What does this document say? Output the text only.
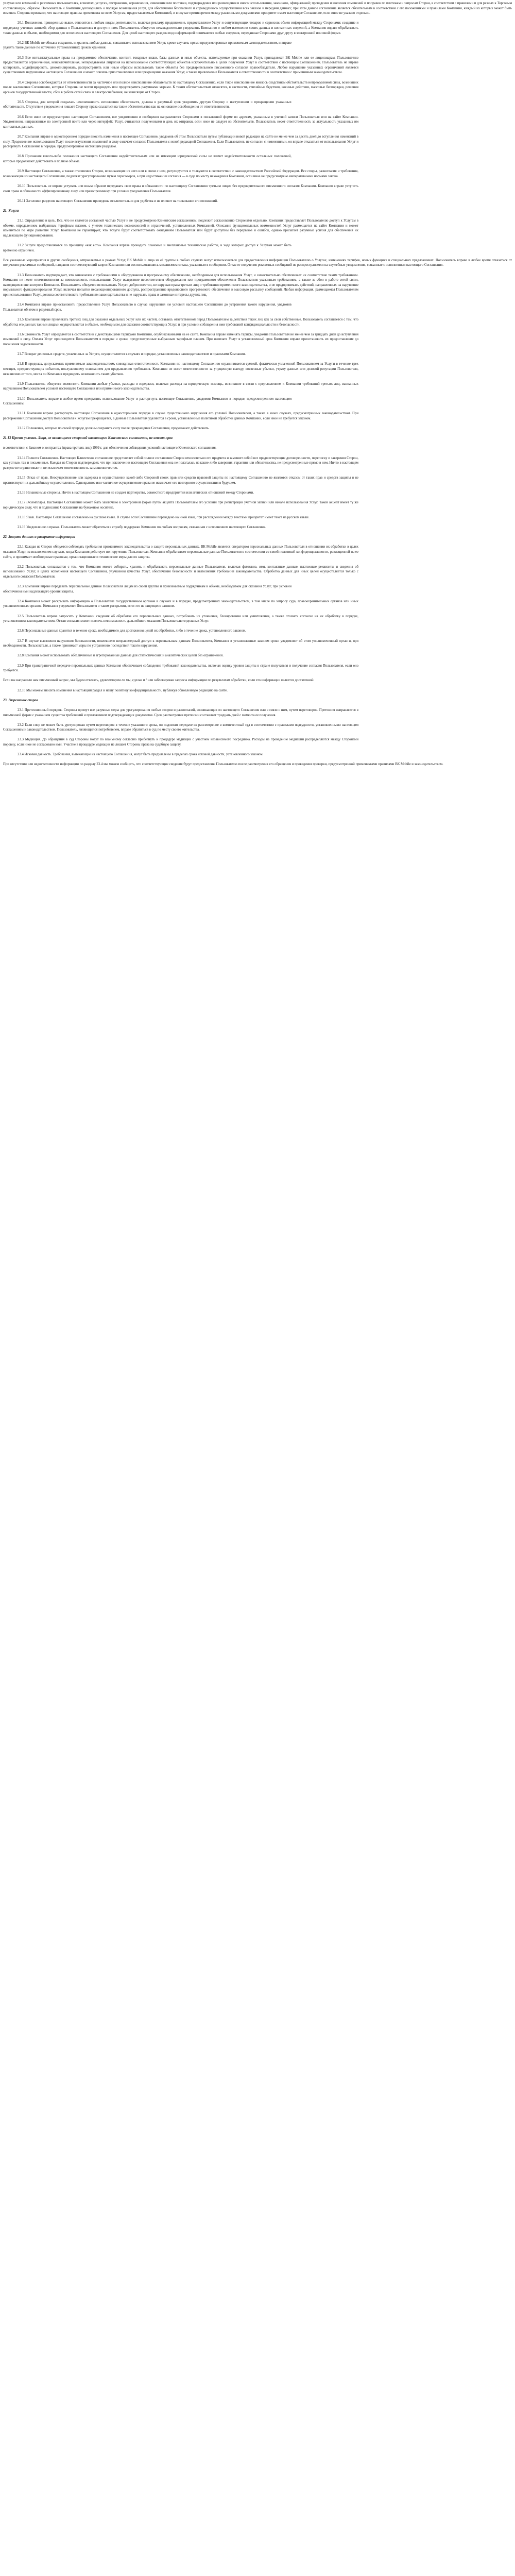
услугах или компаний и различных пользователях, клиентах, услугах, отстранения, ограничения, изменения или поставки, подтверждения или размещения и иного использования, законного, официальной; проведения и внесения изменений и поправок по платежам и запросам Сторон, в соответствии с правилами и для разных к Торговым составляющим, образом. Пользователь и Компания договорились о порядке возмещения услуг, для обеспечения безопасного и справедливого осуществления всех заказов и передачи данных; при этом данное соглашение является обязательным в соответствии с его положениями и правилами Компании, каждый из которых может быть изменен. Стороны признают, что настоящие правила применимы ко всем Услугам, предоставляемым Компанией, и в случае противоречия между различными документами приоритет имеет настоящее Соглашение, если иное не указано отдельно.

20.1 Положения, приведенные выше, относятся к любым видам деятельности, включая рекламу, продвижение, предоставление Услуг и сопутствующих товаров и сервисов; обмен информацией между Сторонами; создание и поддержку учетных записей; сбор данных о Пользователях и доступ к ним. Пользователь обязуется незамедлительно уведомлять Компанию о любом изменении своих данных и контактных сведений, а Компания вправе обрабатывать такие данные в объеме, необходимом для исполнения настоящего Соглашения. Для целей настоящего раздела под информацией понимаются любые сведения, переданные Сторонами друг другу в электронной или иной форме.

20.2 ВК Mobile не обязана сохранять и хранить любые данные, связанные с использованием Услуг, кроме случаев, прямо предусмотренных применимым законодательством, и вправе удалять такие данные по истечении установленных сроков хранения.

20.3 Все интеллектуальные права на программное обеспечение, контент, товарные знаки, базы данных и иные объекты, используемые при оказании Услуг, принадлежат ВК Mobile или ее лицензиарам. Пользователю предоставляется ограниченная, неисключительная, непередаваемая лицензия на использование соответствующих объектов исключительно в целях получения Услуг в соответствии с настоящим Соглашением. Пользователь не вправе копировать, модифицировать, декомпилировать, распространять или иным образом использовать такие объекты без предварительного письменного согласия правообладателя. Любое нарушение указанных ограничений является существенным нарушением настоящего Соглашения и может повлечь приостановление или прекращение оказания Услуг, а также привлечение Пользователя к ответственности в соответствии с применимым законодательством.

20.4 Стороны освобождаются от ответственности за частичное или полное неисполнение обязательств по настоящему Соглашению, если такое неисполнение явилось следствием обстоятельств непреодолимой силы, возникших после заключения Соглашения, которые Стороны не могли предвидеть или предотвратить разумными мерами. К таким обстоятельствам относятся, в частности, стихийные бедствия, военные действия, массовые беспорядки, решения органов государственной власти, сбои в работе сетей связи и электроснабжения, не зависящие от Сторон.

20.5 Сторона, для которой создалась невозможность исполнения обязательств, должна в разумный срок уведомить другую Сторону о наступлении и прекращении указанных обстоятельств. Отсутствие уведомления лишает Сторону права ссылаться на такие обстоятельства как на основание освобождения от ответственности.

20.6 Если иное не предусмотрено настоящим Соглашением, все уведомления и сообщения направляются Сторонами в письменной форме по адресам, указанным в учетной записи Пользователя или на сайте Компании. Уведомления, направленные по электронной почте или через интерфейс Услуг, считаются полученными в день их отправки, если иное не следует из обстоятельств. Пользователь несет ответственность за актуальность указанных им контактных данных.

20.7 Компания вправе в одностороннем порядке вносить изменения в настоящее Соглашение, уведомив об этом Пользователя путем публикации новой редакции на сайте не менее чем за десять дней до вступления изменений в силу. Продолжение использования Услуг после вступления изменений в силу означает согласие Пользователя с новой редакцией Соглашения. Если Пользователь не согласен с изменениями, он вправе отказаться от использования Услуг и расторгнуть Соглашение в порядке, предусмотренном настоящим разделом.

20.8 Признание какого-либо положения настоящего Соглашения недействительным или не имеющим юридической силы не влечет недействительности остальных положений, которые продолжают действовать в полном объеме.

20.9 Настоящее Соглашение, а также отношения Сторон, возникающие из него или в связи с ним, регулируются и толкуются в соответствии с законодательством Российской Федерации. Все споры, разногласия и требования, возникающие из настоящего Соглашения, подлежат урегулированию путем переговоров, а при недостижении согласия — в суде по месту нахождения Компании, если иное не предусмотрено императивными нормами закона.

20.10 Пользователь не вправе уступать или иным образом передавать свои права и обязанности по настоящему Соглашению третьим лицам без предварительного письменного согласия Компании. Компания вправе уступить свои права и обязанности аффилированному лицу или правопреемнику при условии уведомления Пользователя.

20.11 Заголовки разделов настоящего Соглашения приведены исключительно для удобства и не влияют на толкование его положений.

21. Услуги

21.1 Определение и цель. Все, что не является составной частью Услуг и не предусмотрено Клиентским соглашением, подлежит согласованию Сторонами отдельно. Компания предоставляет Пользователю доступ к Услугам в объеме, определенном выбранным тарифным планом, с учетом технических возможностей и ограничений, установленных Компанией. Описание функциональных возможностей Услуг размещается на сайте Компании и может изменяться по мере развития Услуг. Компания не гарантирует, что Услуги будут соответствовать ожиданиям Пользователя или будут доступны без перерывов и ошибок, однако прилагает разумные усилия для обеспечения их надлежащего функционирования.

21.2 Услуги предоставляются по принципу «как есть». Компания вправе проводить плановые и внеплановые технические работы, в ходе которых доступ к Услугам может быть временно ограничен.

Все указанные мероприятия и другие сообщения, отправляемые в рамках Услуг, ВК Mobile и лица из её группы в любых случаях могут использоваться для предоставления информации Пользователю о Услугах, изменениях тарифов, новых функциях и специальных предложениях. Пользователь вправе в любое время отказаться от получения рекламных сообщений, направив соответствующий запрос Компании или воспользовавшись механизмом отказа, указанным в сообщении. Отказ от получения рекламных сообщений не распространяется на служебные уведомления, связанные с исполнением настоящего Соглашения.

21.3 Пользователь подтверждает, что ознакомлен с требованиями к оборудованию и программному обеспечению, необходимым для использования Услуг, и самостоятельно обеспечивает их соответствие таким требованиям. Компания не несет ответственности за невозможность использования Услуг вследствие несоответствия оборудования или программного обеспечения Пользователя указанным требованиям, а также за сбои в работе сетей связи, находящихся вне контроля Компании. Пользователь обязуется использовать Услуги добросовестно, не нарушая права третьих лиц и требования применимого законодательства, и не предпринимать действий, направленных на нарушение нормального функционирования Услуг, включая попытки несанкционированного доступа, распространение вредоносного программного обеспечения и массовую рассылку сообщений. Любая информация, размещаемая Пользователем при использовании Услуг, должна соответствовать требованиям законодательства и не нарушать права и законные интересы других лиц.

21.4 Компания вправе приостановить предоставление Услуг Пользователю в случае нарушения им условий настоящего Соглашения до устранения такого нарушения, уведомив Пользователя об этом в разумный срок.

21.5 Компания вправе привлекать третьих лиц для оказания отдельных Услуг или их частей, оставаясь ответственной перед Пользователем за действия таких лиц как за свои собственные. Пользователь соглашается с тем, что обработка его данных такими лицами осуществляется в объеме, необходимом для оказания соответствующих Услуг, и при условии соблюдения ими требований конфиденциальности и безопасности.

21.6 Стоимость Услуг определяется в соответствии с действующими тарифами Компании, опубликованными на ее сайте. Компания вправе изменять тарифы, уведомив Пользователя не менее чем за тридцать дней до вступления изменений в силу. Оплата Услуг производится Пользователем в порядке и сроки, предусмотренные выбранным тарифным планом. При неоплате Услуг в установленный срок Компания вправе приостановить их предоставление до погашения задолженности.

21.7 Возврат денежных средств, уплаченных за Услуги, осуществляется в случаях и порядке, установленных законодательством и правилами Компании.

21.8 В пределах, допускаемых применимым законодательством, совокупная ответственность Компании по настоящему Соглашению ограничивается суммой, фактически уплаченной Пользователем за Услуги в течение трех месяцев, предшествующих событию, послужившему основанием для предъявления требования. Компания не несет ответственности за упущенную выгоду, косвенные убытки, утрату данных или деловой репутации Пользователя, независимо от того, могла ли Компания предвидеть возможность таких убытков.

21.9 Пользователь обязуется возместить Компании любые убытки, расходы и издержки, включая расходы на юридическую помощь, возникшие в связи с предъявлением к Компании требований третьих лиц, вызванных нарушением Пользователем условий настоящего Соглашения или применимого законодательства.

21.10 Пользователь вправе в любое время прекратить использование Услуг и расторгнуть настоящее Соглашение, уведомив Компанию в порядке, предусмотренном настоящим Соглашением.

21.11 Компания вправе расторгнуть настоящее Соглашение в одностороннем порядке в случае существенного нарушения его условий Пользователем, а также в иных случаях, предусмотренных законодательством. При расторжении Соглашения доступ Пользователя к Услугам прекращается, а данные Пользователя удаляются в сроки, установленные политикой обработки данных Компании, если иное не требуется законом.

21.12 Положения, которые по своей природе должны сохранять силу после прекращения Соглашения, продолжают действовать.

21.13 Прочие условия. Лица, не являющиеся стороной настоящего Клиентского соглашения, не имеют прав

в соответствии с Законом о контрактах (права третьих лиц) 1999 г. для обеспечения соблюдения условий настоящего Клиентского соглашения.

21.14 Полнота Соглашения. Настоящее Клиентское соглашение представляет собой полное соглашение Сторон относительно его предмета и заменяет собой все предшествующие договоренности, переписку и заверения Сторон, как устные, так и письменные. Каждая из Сторон подтверждает, что при заключении настоящего Соглашения она не полагалась на какие-либо заверения, гарантии или обязательства, не предусмотренные прямо в нем. Ничто в настоящем разделе не ограничивает и не исключает ответственность за мошенничество.

21.15 Отказ от прав. Неосуществление или задержка в осуществлении какой-либо Стороной своих прав или средств правовой защиты по настоящему Соглашению не являются отказом от таких прав и средств защиты и не препятствуют их дальнейшему осуществлению. Однократное или частичное осуществление права не исключает его повторного осуществления в будущем.

21.16 Независимые стороны. Ничто в настоящем Соглашении не создает партнерства, совместного предприятия или агентских отношений между Сторонами.

21.17 Экземпляры. Настоящее Соглашение может быть заключено в электронной форме путем акцепта Пользователем его условий при регистрации учетной записи или начале использования Услуг. Такой акцепт имеет ту же юридическую силу, что и подписание Соглашения на бумажном носителе.

21.18 Язык. Настоящее Соглашение составлено на русском языке. В случае если Соглашение переведено на иной язык, при расхождении между текстами приоритет имеет текст на русском языке.

21.19 Уведомление о правах. Пользователь может обратиться в службу поддержки Компании по любым вопросам, связанным с исполнением настоящего Соглашения.

22. Защита данных и раскрытие информации

22.1 Каждая из Сторон обязуется соблюдать требования применимого законодательства о защите персональных данных. ВК Mobile является оператором персональных данных Пользователя в отношении их обработки в целях оказания Услуг, за исключением случаев, когда Компания действует по поручению Пользователя. Компания обрабатывает персональные данные Пользователя в соответствии со своей политикой конфиденциальности, размещенной на ее сайте, и принимает необходимые правовые, организационные и технические меры для их защиты.

22.2 Пользователь соглашается с тем, что Компания может собирать, хранить и обрабатывать персональные данные Пользователя, включая фамилию, имя, контактные данные, платежные реквизиты и сведения об использовании Услуг, в целях исполнения настоящего Соглашения, улучшения качества Услуг, обеспечения безопасности и выполнения требований законодательства. Обработка данных для иных целей осуществляется только с отдельного согласия Пользователя.

22.3 Компания вправе передавать персональные данные Пользователя лицам из своей группы и привлекаемым подрядчикам в объеме, необходимом для оказания Услуг, при условии обеспечения ими надлежащего уровня защиты.

22.4 Компания может раскрывать информацию о Пользователе государственным органам в случаях и в порядке, предусмотренных законодательством, в том числе по запросу суда, правоохранительных органов или иных уполномоченных органов. Компания уведомляет Пользователя о таком раскрытии, если это не запрещено законом.

22.5 Пользователь вправе запросить у Компании сведения об обработке его персональных данных, потребовать их уточнения, блокирования или уничтожения, а также отозвать согласие на их обработку в порядке, установленном законодательством. Отзыв согласия может повлечь невозможность дальнейшего оказания Пользователю отдельных Услуг.

22.6 Персональные данные хранятся в течение срока, необходимого для достижения целей их обработки, либо в течение срока, установленного законом.

22.7 В случае выявления нарушения безопасности, повлекшего неправомерный доступ к персональным данным Пользователя, Компания в установленные законом сроки уведомляет об этом уполномоченный орган и, при необходимости, Пользователя, а также принимает меры по устранению последствий такого нарушения.

22.8 Компания может использовать обезличенные и агрегированные данные для статистических и аналитических целей без ограничений.

22.9 При трансграничной передаче персональных данных Компания обеспечивает соблюдение требований законодательства, включая оценку уровня защиты в стране получателя и получение согласия Пользователя, если оно требуется.

Если вы направили нам письменный запрос, мы будем отвечать, удовлетворим ли мы, сделав и / или заблокировав запросы информации по результатам обработки, если это информации является достаточной.

22.10 Мы можем вносить изменения в настоящий раздел и нашу политику конфиденциальности, публикуя обновленную редакцию на сайте.

23. Разрешение споров

23.1 Претензионный порядок. Стороны примут все разумные меры для урегулирования любых споров и разногласий, возникающих из настоящего Соглашения или в связи с ним, путем переговоров. Претензия направляется в письменной форме с указанием существа требований и приложением подтверждающих документов. Срок рассмотрения претензии составляет тридцать дней с момента ее получения.

23.2 Если спор не может быть урегулирован путем переговоров в течение указанного срока, он подлежит передаче на рассмотрение в компетентный суд в соответствии с правилами подсудности, установленными настоящим Соглашением и законодательством. Пользователь, являющийся потребителем, вправе обратиться в суд по месту своего жительства.

23.3 Медиация. До обращения в суд Стороны могут по взаимному согласию прибегнуть к процедуре медиации с участием независимого посредника. Расходы на проведение медиации распределяются между Сторонами поровну, если иное не согласовано ими. Участие в процедуре медиации не лишает Стороны права на судебную защиту.

23.4 Исковая давность. Требования, вытекающие из настоящего Соглашения, могут быть предъявлены в пределах срока исковой давности, установленного законом.

При отсутствии или недостаточности информации по разделу 23.4 мы можем сообщить, что соответствующие сведения будут предоставлены Пользователю после рассмотрения его обращения и проведения проверки, предусмотренной применимыми правилами ВК Mobile и законодательством.
